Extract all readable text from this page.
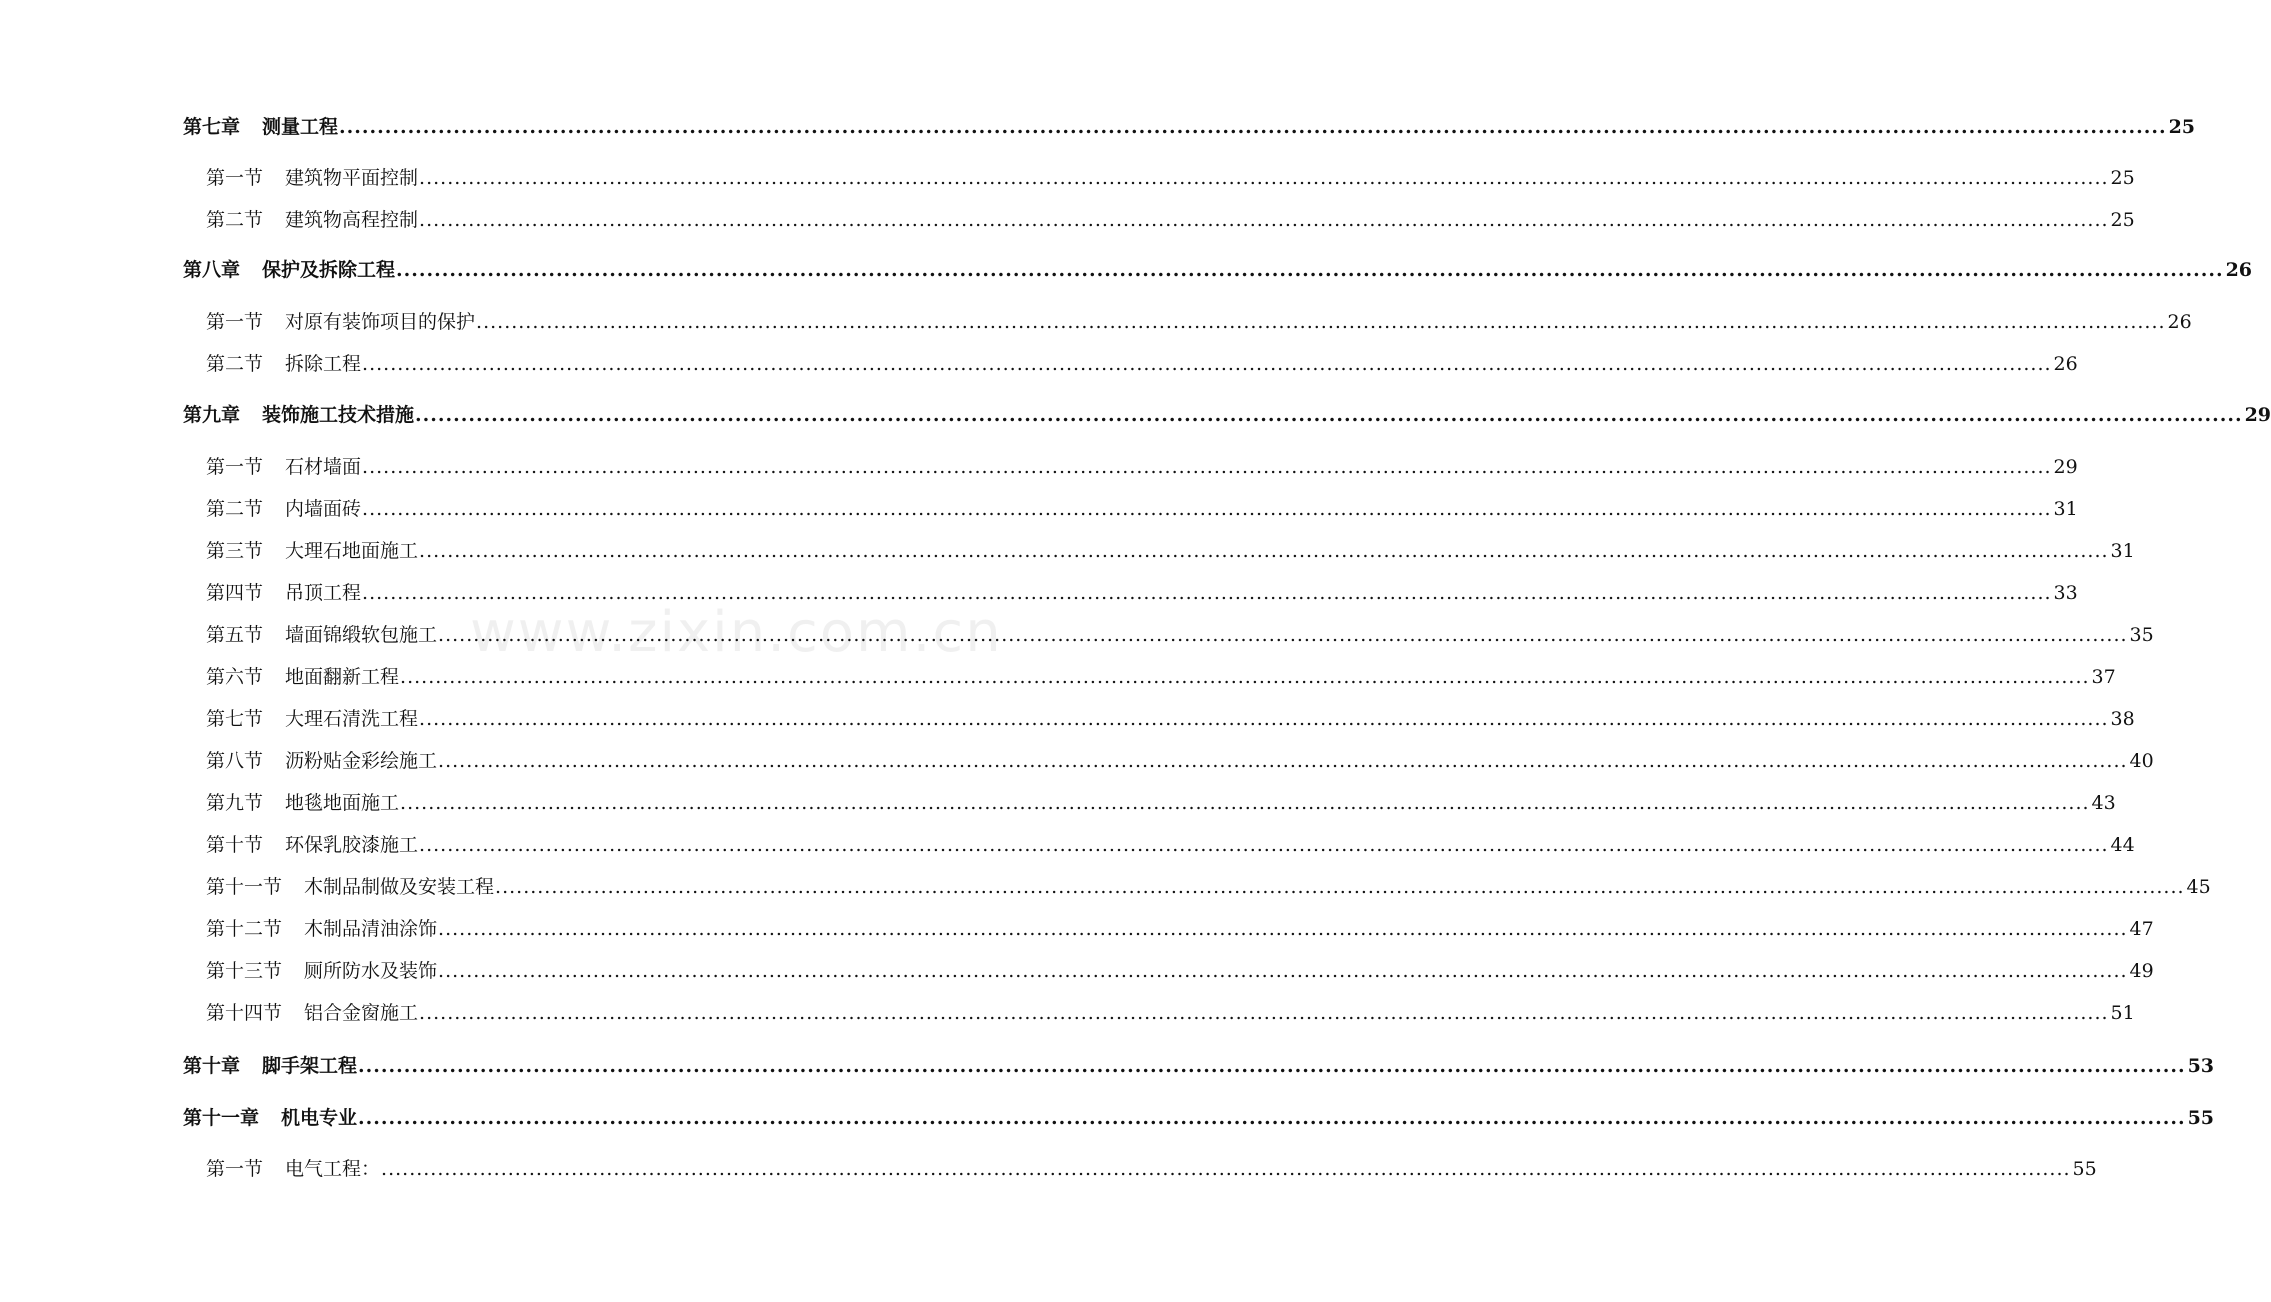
第七章 测量工程 .....	25
第一节 建筑物平面控制 .....	25
第二节 建筑物高程控制 .....	25
第八章 保护及拆除工程 .....	26
第一节 对原有装饰项目的保护 .....	26
第二节 拆除工程 .....	26
第九章 装饰施工技术措施 .....	29
第一节 石材墙面 .....	29
第二节 内墙面砖 .....	31
第三节 大理石地面施工 .....	31
第四节 吊顶工程 .....	33
第五节 墙面锦缎软包施工 .....	35
第六节 地面翻新工程 .....	37
第七节 大理石清洗工程 .....	38
第八节 沥粉贴金彩绘施工 .....	40
第九节 地毯地面施工 .....	43
第十节 环保乳胶漆施工 .....	44
第十一节 木制品制做及安装工程 .....	45
第十二节 木制品清油涂饰 .....	47
第十三节 厕所防水及装饰 .....	49
第十四节 铝合金窗施工 .....	51
第十章 脚手架工程 .....	53
第十一章 机电专业 .....	55
第一节 电气工程： .....	55
www.zixin.com.cn
